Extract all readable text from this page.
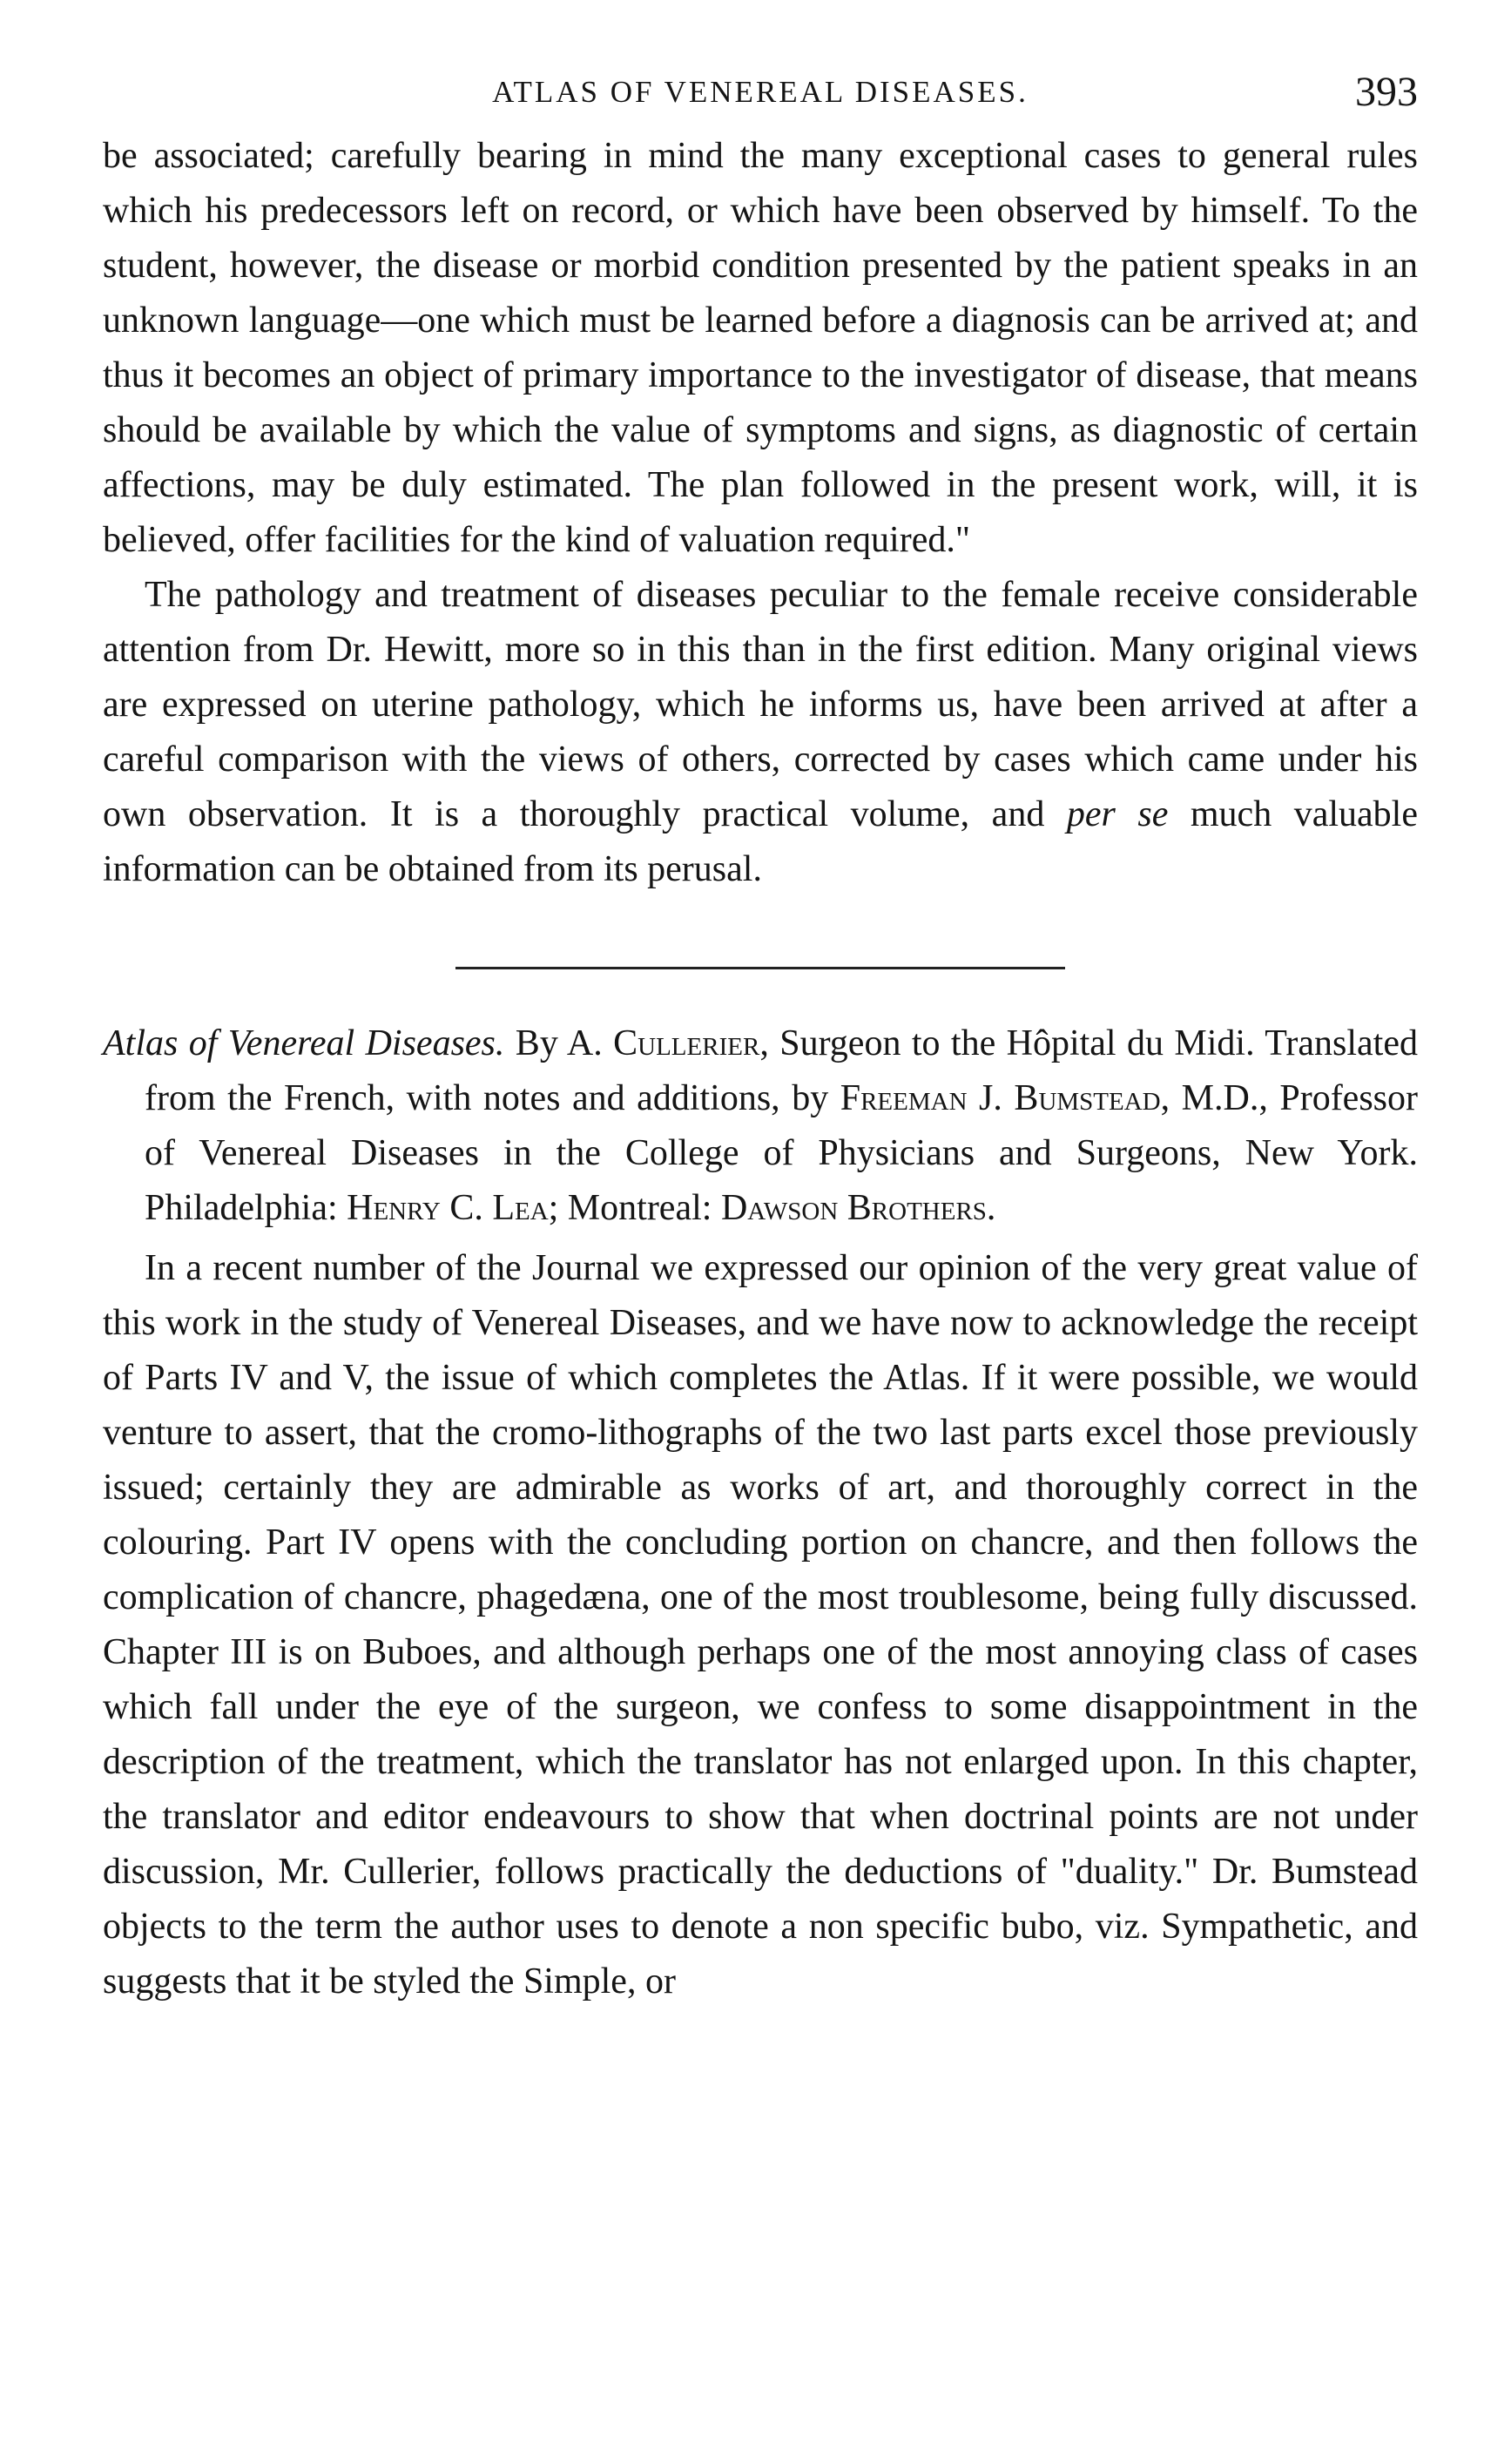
ATLAS OF VENEREAL DISEASES.	393

be associated; carefully bearing in mind the many exceptional cases to general rules which his predecessors left on record, or which have been observed by himself. To the student, however, the disease or morbid condition presented by the patient speaks in an unknown language—one which must be learned before a diagnosis can be arrived at; and thus it becomes an object of primary importance to the investigator of disease, that means should be available by which the value of symptoms and signs, as diagnostic of certain affections, may be duly estimated. The plan followed in the present work, will, it is believed, offer facilities for the kind of valuation required."

The pathology and treatment of diseases peculiar to the female receive considerable attention from Dr. Hewitt, more so in this than in the first edition. Many original views are expressed on uterine pathology, which he informs us, have been arrived at after a careful comparison with the views of others, corrected by cases which came under his own observation. It is a thoroughly practical volume, and per se much valuable information can be obtained from its perusal.

Atlas of Venereal Diseases. By A. Cullerier, Surgeon to the Hôpital du Midi. Translated from the French, with notes and additions, by Freeman J. Bumstead, M.D., Professor of Venereal Diseases in the College of Physicians and Surgeons, New York. Philadelphia: Henry C. Lea; Montreal: Dawson Brothers.

In a recent number of the Journal we expressed our opinion of the very great value of this work in the study of Venereal Diseases, and we have now to acknowledge the receipt of Parts IV and V, the issue of which completes the Atlas. If it were possible, we would venture to assert, that the cromo-lithographs of the two last parts excel those previously issued; certainly they are admirable as works of art, and thoroughly correct in the colouring. Part IV opens with the concluding portion on chancre, and then follows the complication of chancre, phagedæna, one of the most troublesome, being fully discussed. Chapter III is on Buboes, and although perhaps one of the most annoying class of cases which fall under the eye of the surgeon, we confess to some disappointment in the description of the treatment, which the translator has not enlarged upon. In this chapter, the translator and editor endeavours to show that when doctrinal points are not under discussion, Mr. Cullerier, follows practically the deductions of "duality." Dr. Bumstead objects to the term the author uses to denote a non specific bubo, viz. Sympathetic, and suggests that it be styled the Simple, or
